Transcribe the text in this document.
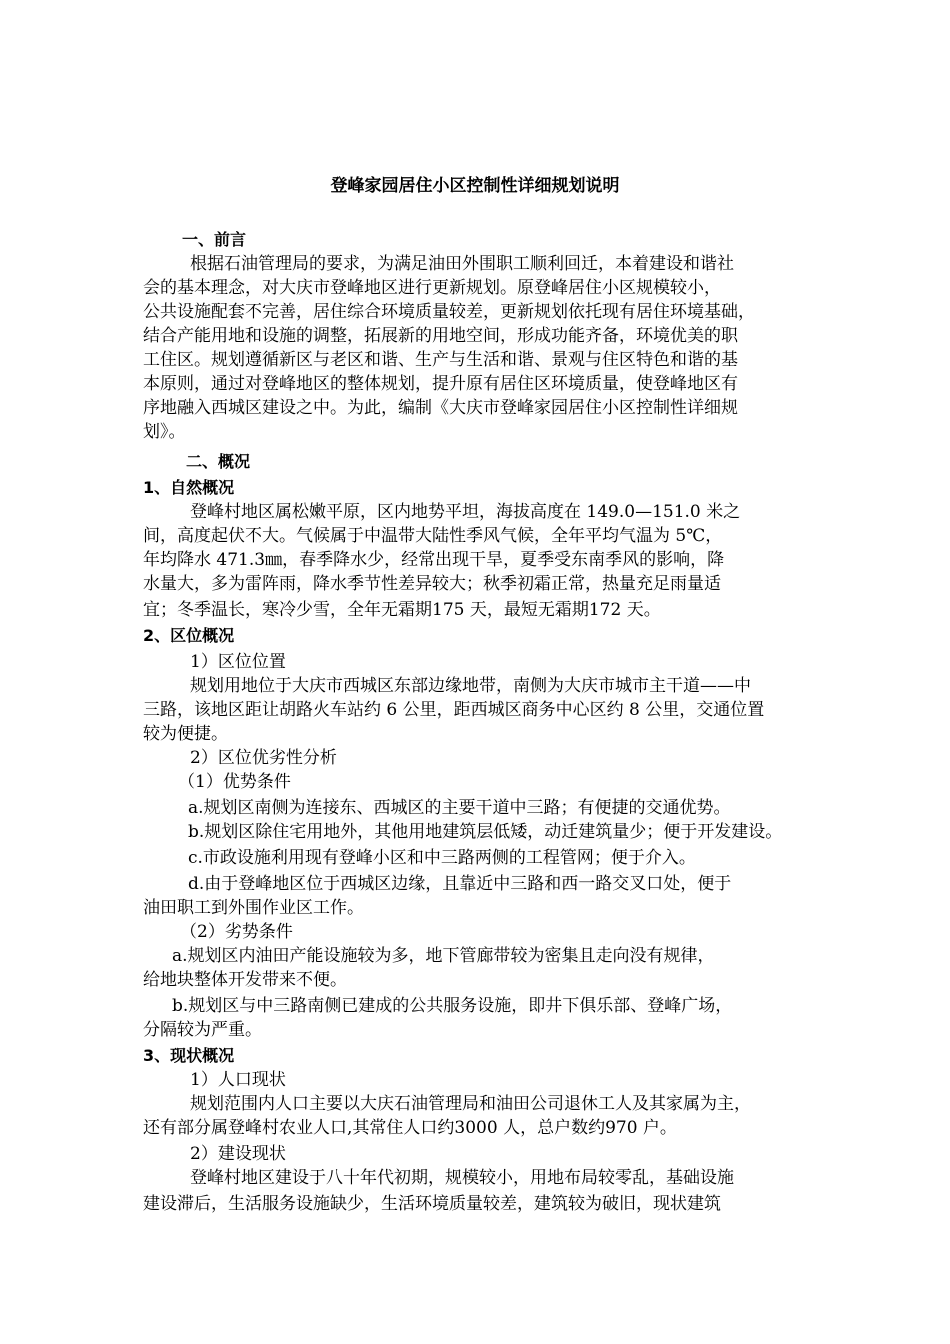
登峰家园居住小区控制性详细规划说明
一、前言
根据石油管理局的要求，为满足油田外围职工顺利回迁，本着建设和谐社
会的基本理念，对大庆市登峰地区进行更新规划。原登峰居住小区规模较小，
公共设施配套不完善，居住综合环境质量较差，更新规划依托现有居住环境基础，
结合产能用地和设施的调整，拓展新的用地空间，形成功能齐备，环境优美的职
工住区。规划遵循新区与老区和谐、生产与生活和谐、景观与住区特色和谐的基
本原则，通过对登峰地区的整体规划，提升原有居住区环境质量，使登峰地区有
序地融入西城区建设之中。为此，编制《大庆市登峰家园居住小区控制性详细规
划》。
二、概况
1、自然概况
登峰村地区属松嫩平原，区内地势平坦，海拔高度在 149.0—151.0 米之
间，高度起伏不大。气候属于中温带大陆性季风气候，全年平均气温为 5℃，
年均降水 471.3㎜，春季降水少，经常出现干旱，夏季受东南季风的影响，降
水量大，多为雷阵雨，降水季节性差异较大；秋季初霜正常，热量充足雨量适
宜；冬季温长，寒冷少雪，全年无霜期175 天，最短无霜期172 天。
2、区位概况
1）区位位置
规划用地位于大庆市西城区东部边缘地带，南侧为大庆市城市主干道——中
三路，该地区距让胡路火车站约 6 公里，距西城区商务中心区约 8 公里，交通位置
较为便捷。
2）区位优劣性分析
（1）优势条件
a.规划区南侧为连接东、西城区的主要干道中三路；有便捷的交通优势。
b.规划区除住宅用地外，其他用地建筑层低矮，动迁建筑量少；便于开发建设。
c.市政设施利用现有登峰小区和中三路两侧的工程管网；便于介入。
d.由于登峰地区位于西城区边缘，且靠近中三路和西一路交叉口处，便于
油田职工到外围作业区工作。
（2）劣势条件
a.规划区内油田产能设施较为多，地下管廊带较为密集且走向没有规律，
给地块整体开发带来不便。
b.规划区与中三路南侧已建成的公共服务设施，即井下俱乐部、登峰广场，
分隔较为严重。
3、现状概况
1）人口现状
规划范围内人口主要以大庆石油管理局和油田公司退休工人及其家属为主，
还有部分属登峰村农业人口,其常住人口约3000 人，总户数约970 户。
2）建设现状
登峰村地区建设于八十年代初期，规模较小，用地布局较零乱，基础设施
建设滞后，生活服务设施缺少，生活环境质量较差，建筑较为破旧，现状建筑
